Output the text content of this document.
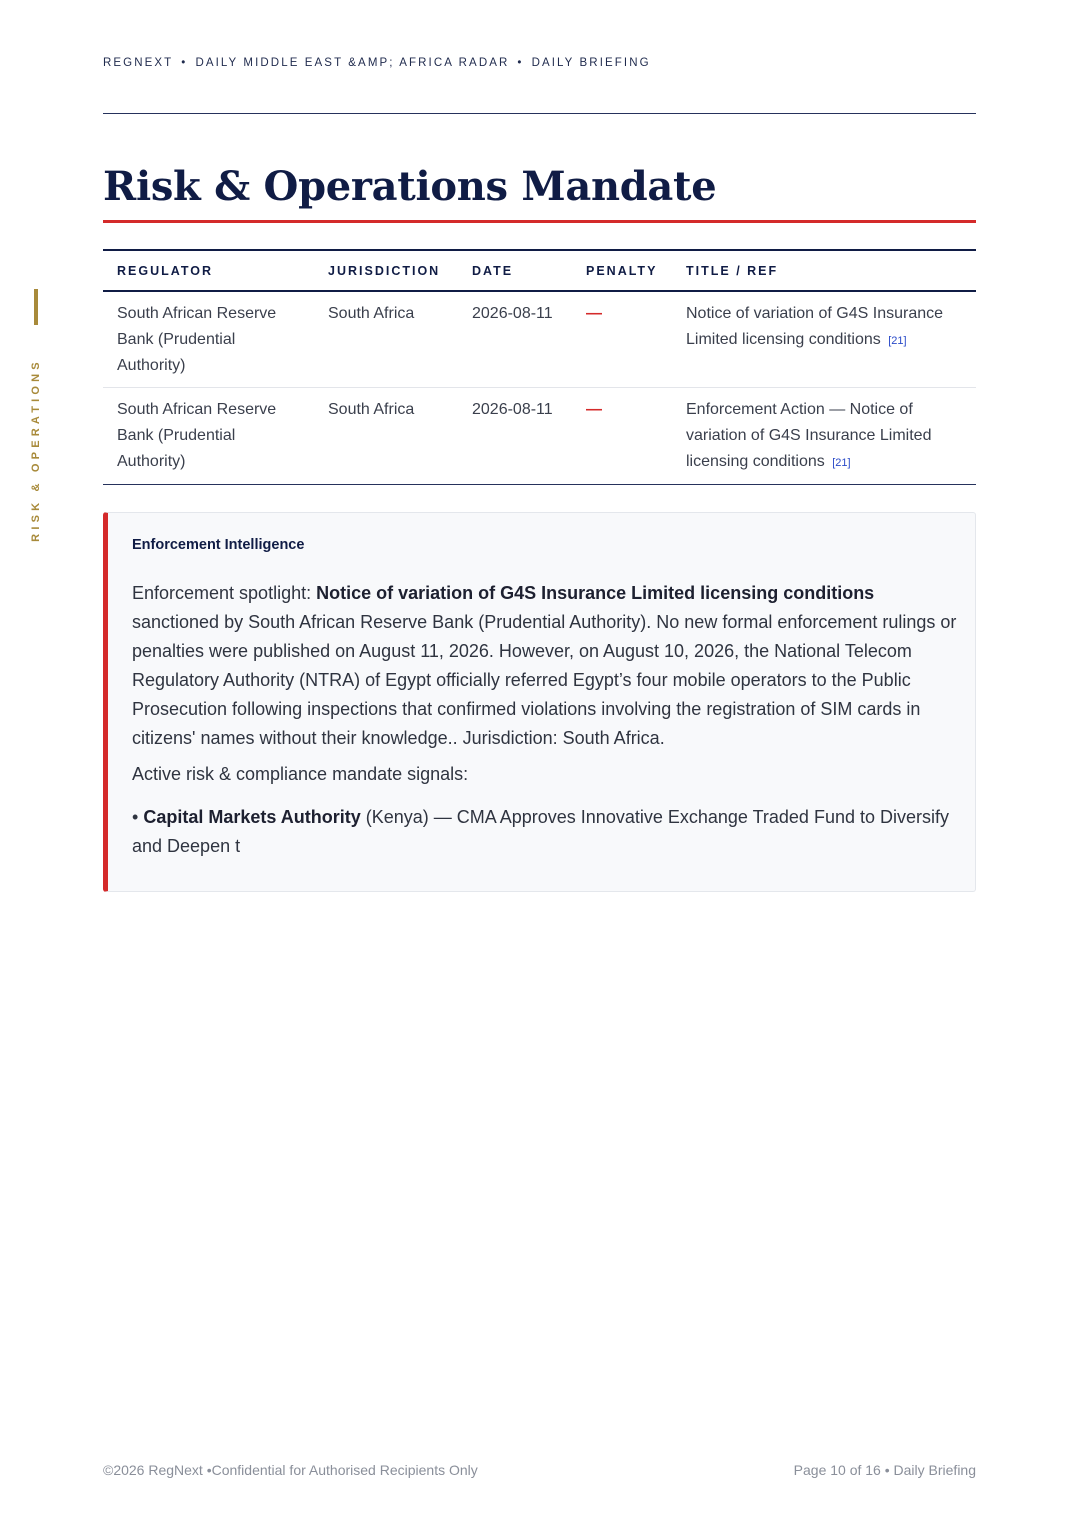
REGNEXT • DAILY MIDDLE EAST &AMP; AFRICA RADAR • DAILY BRIEFING
RISK & OPERATIONS
Risk & Operations Mandate
REGULATOR	JURISDICTION	DATE	PENALTY	TITLE / REF
South African Reserve Bank (Prudential Authority)	South Africa	2026-08-11	—	Notice of variation of G4S Insurance Limited licensing conditions [21]
South African Reserve Bank (Prudential Authority)	South Africa	2026-08-11	—	Enforcement Action — Notice of variation of G4S Insurance Limited licensing conditions [21]
Enforcement Intelligence

Enforcement spotlight: Notice of variation of G4S Insurance Limited licensing conditions sanctioned by South African Reserve Bank (Prudential Authority). No new formal enforcement rulings or penalties were published on August 11, 2026. However, on August 10, 2026, the National Telecom Regulatory Authority (NTRA) of Egypt officially referred Egypt’s four mobile operators to the Public Prosecution following inspections that confirmed violations involving the registration of SIM cards in citizens' names without their knowledge.. Jurisdiction: South Africa.

Active risk & compliance mandate signals:

• Capital Markets Authority (Kenya) — CMA Approves Innovative Exchange Traded Fund to Diversify and Deepen t

©2026 RegNext •Confidential for Authorised Recipients Only	Page 10 of 16 • Daily Briefing
